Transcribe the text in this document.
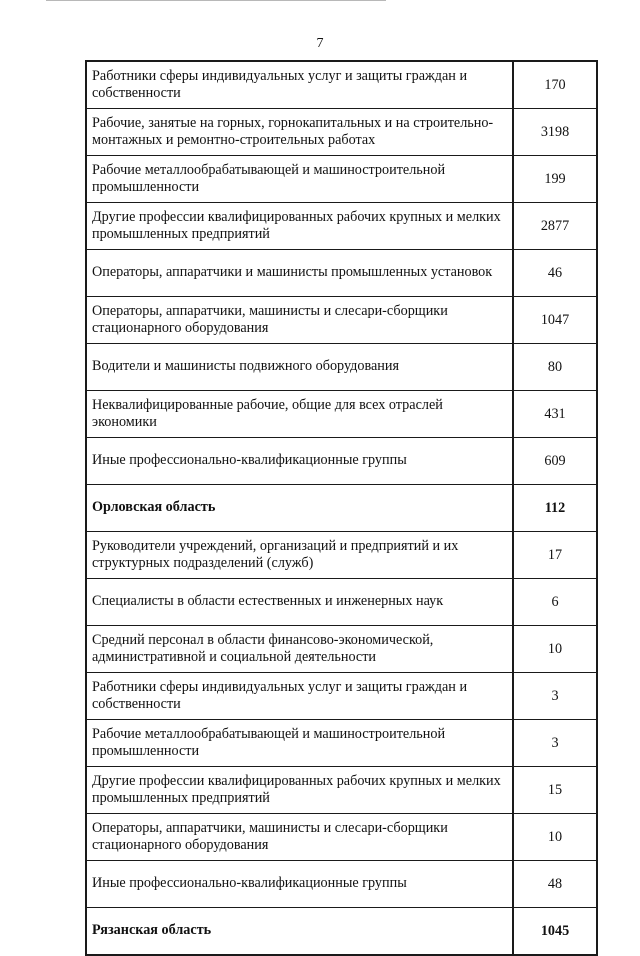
7
Работники сферы индивидуальных услуг и защиты граждан и собственности	170
Рабочие, занятые на горных, горнокапитальных и на строительно-монтажных и ремонтно-строительных работах	3198
Рабочие металлообрабатывающей и машиностроительной промышленности	199
Другие профессии квалифицированных рабочих крупных и мелких промышленных предприятий	2877
Операторы, аппаратчики и машинисты промышленных установок	46
Операторы, аппаратчики, машинисты и слесари-сборщики стационарного оборудования	1047
Водители и машинисты подвижного оборудования	80
Неквалифицированные рабочие, общие для всех отраслей экономики	431
Иные профессионально-квалификационные группы	609
Орловская область	112
Руководители учреждений, организаций и предприятий и их структурных подразделений (служб)	17
Специалисты в области естественных и инженерных наук	6
Средний персонал в области финансово-экономической, административной и социальной деятельности	10
Работники сферы индивидуальных услуг и защиты граждан и собственности	3
Рабочие металлообрабатывающей и машиностроительной промышленности	3
Другие профессии квалифицированных рабочих крупных и мелких промышленных предприятий	15
Операторы, аппаратчики, машинисты и слесари-сборщики стационарного оборудования	10
Иные профессионально-квалификационные группы	48
Рязанская область	1045
